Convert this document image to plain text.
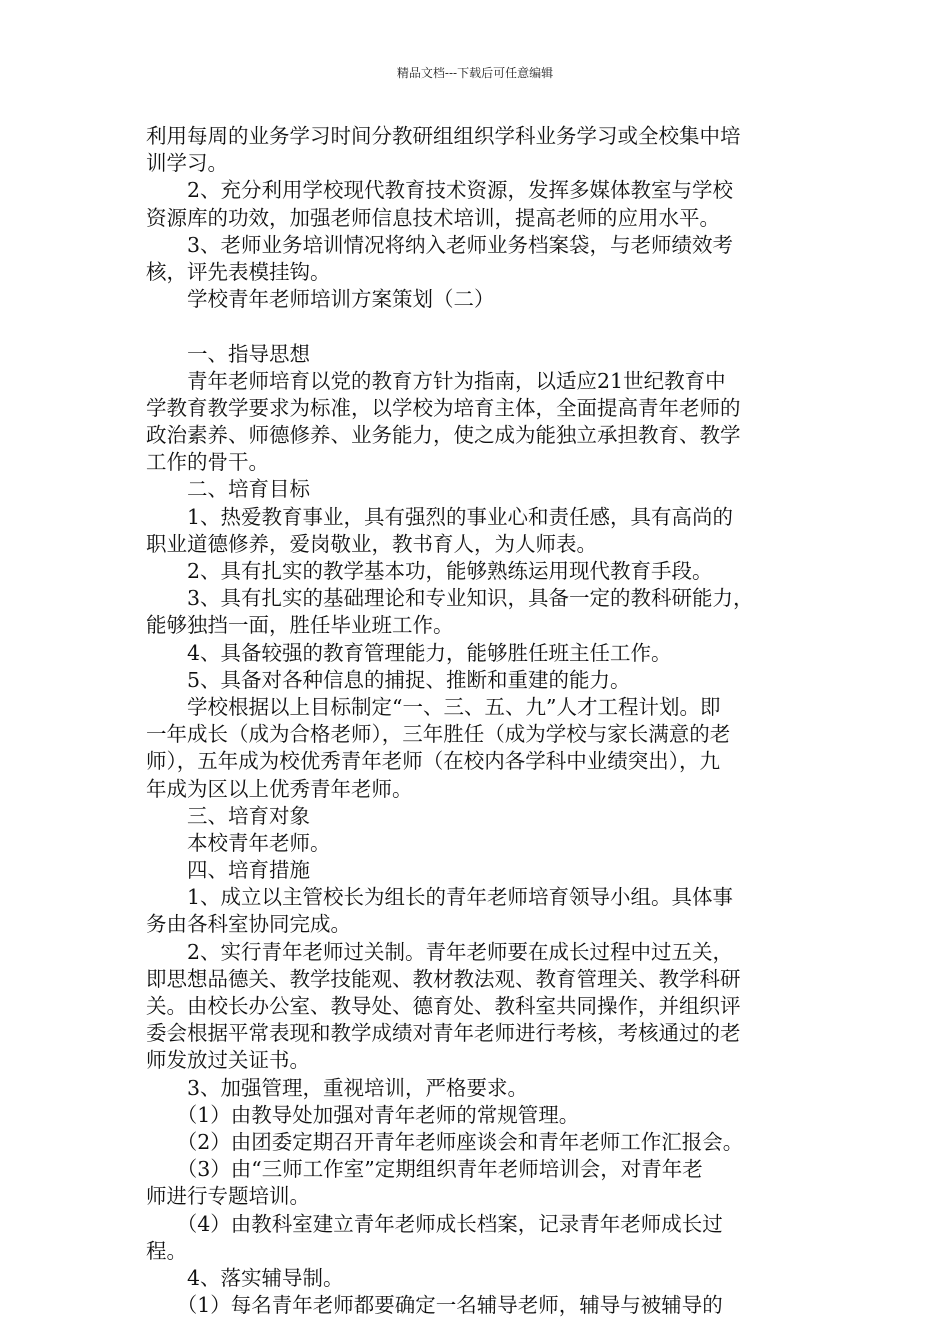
精品文档---下载后可任意编辑
利用每周的业务学习时间分教研组组织学科业务学习或全校集中培
训学习。
　　2、充分利用学校现代教育技术资源，发挥多媒体教室与学校
资源库的功效，加强老师信息技术培训，提高老师的应用水平。
　　3、老师业务培训情况将纳入老师业务档案袋，与老师绩效考
核，评先表模挂钩。
　　学校青年老师培训方案策划（二）
　　一、指导思想
　　青年老师培育以党的教育方针为指南，以适应21世纪教育中
学教育教学要求为标准，以学校为培育主体，全面提高青年老师的
政治素养、师德修养、业务能力，使之成为能独立承担教育、教学
工作的骨干。
　　二、培育目标
　　1、热爱教育事业，具有强烈的事业心和责任感，具有高尚的
职业道德修养，爱岗敬业，教书育人，为人师表。
　　2、具有扎实的教学基本功，能够熟练运用现代教育手段。
　　3、具有扎实的基础理论和专业知识，具备一定的教科研能力，
能够独挡一面，胜任毕业班工作。
　　4、具备较强的教育管理能力，能够胜任班主任工作。
　　5、具备对各种信息的捕捉、推断和重建的能力。
　　学校根据以上目标制定“一、三、五、九”人才工程计划。即
一年成长（成为合格老师），三年胜任（成为学校与家长满意的老
师），五年成为校优秀青年老师（在校内各学科中业绩突出），九
年成为区以上优秀青年老师。
　　三、培育对象
　　本校青年老师。
　　四、培育措施
　　1、成立以主管校长为组长的青年老师培育领导小组。具体事
务由各科室协同完成。
　　2、实行青年老师过关制。青年老师要在成长过程中过五关，
即思想品德关、教学技能观、教材教法观、教育管理关、教学科研
关。由校长办公室、教导处、德育处、教科室共同操作，并组织评
委会根据平常表现和教学成绩对青年老师进行考核，考核通过的老
师发放过关证书。
　　3、加强管理，重视培训，严格要求。
　　（1）由教导处加强对青年老师的常规管理。
　　（2）由团委定期召开青年老师座谈会和青年老师工作汇报会。
　　（3）由“三师工作室”定期组织青年老师培训会，对青年老
师进行专题培训。
　　（4）由教科室建立青年老师成长档案，记录青年老师成长过
程。
　　4、落实辅导制。
　　（1）每名青年老师都要确定一名辅导老师，辅导与被辅导的
